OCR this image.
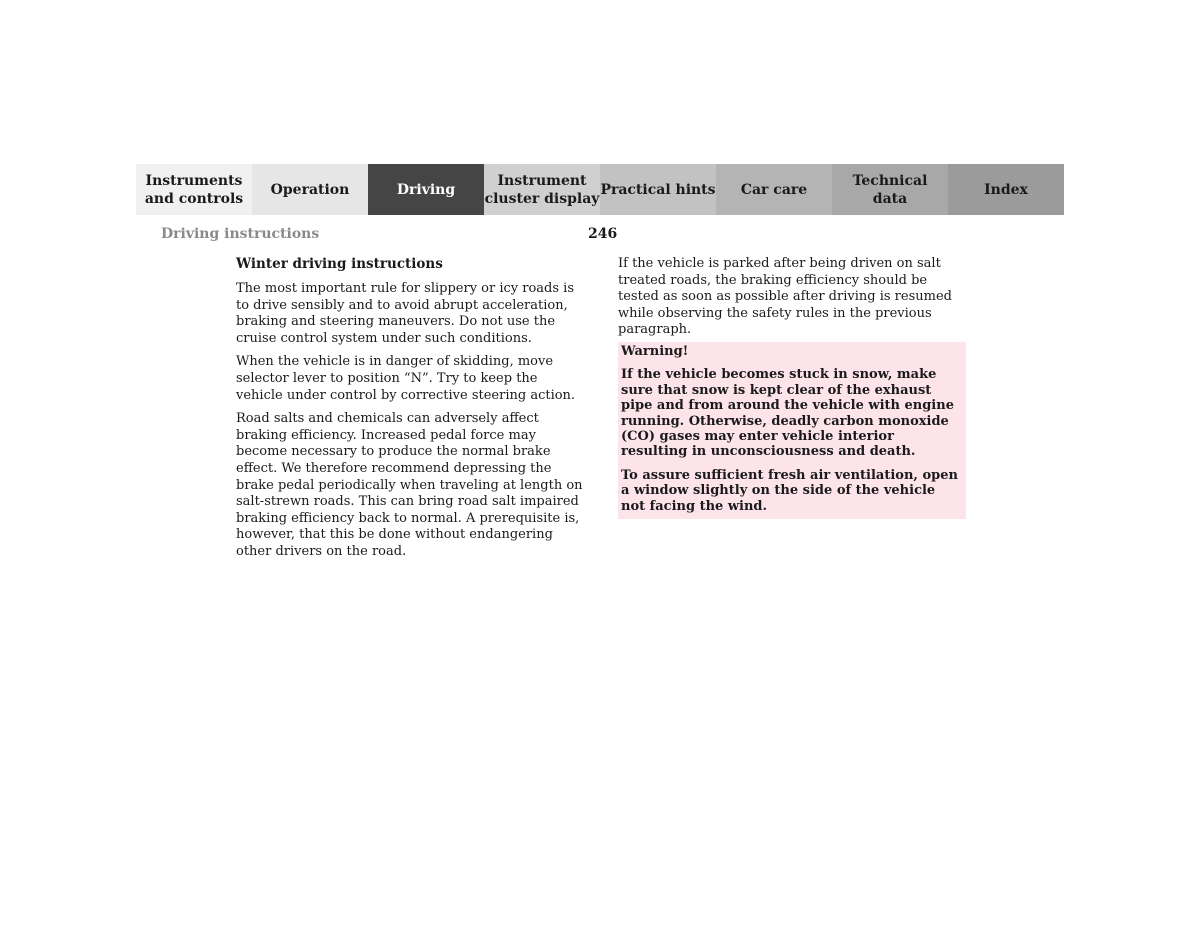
Instruments
and controls
Operation	Driving
Instrument
cluster display
Practical hints	Car care
Technical
data
Index
Driving instructions	246
Winter driving instructions

The most important rule for slippery or icy roads is to drive sensibly and to avoid abrupt acceleration, braking and steering maneuvers. Do not use the cruise control system under such conditions.

When the vehicle is in danger of skidding, move selector lever to position “N”. Try to keep the vehicle under control by corrective steering action.

Road salts and chemicals can adversely affect braking efficiency. Increased pedal force may become necessary to produce the normal brake effect. We therefore recommend depressing the brake pedal periodically when traveling at length on salt-strewn roads. This can bring road salt impaired braking efficiency back to normal. A prerequisite is, however, that this be done without endangering other drivers on the road.

If the vehicle is parked after being driven on salt treated roads, the braking efficiency should be tested as soon as possible after driving is resumed while observing the safety rules in the previous paragraph.

Warning!

If the vehicle becomes stuck in snow, make sure that snow is kept clear of the exhaust pipe and from around the vehicle with engine running. Otherwise, deadly carbon monoxide (CO) gases may enter vehicle interior resulting in unconsciousness and death.

To assure sufficient fresh air ventilation, open a window slightly on the side of the vehicle not facing the wind.
